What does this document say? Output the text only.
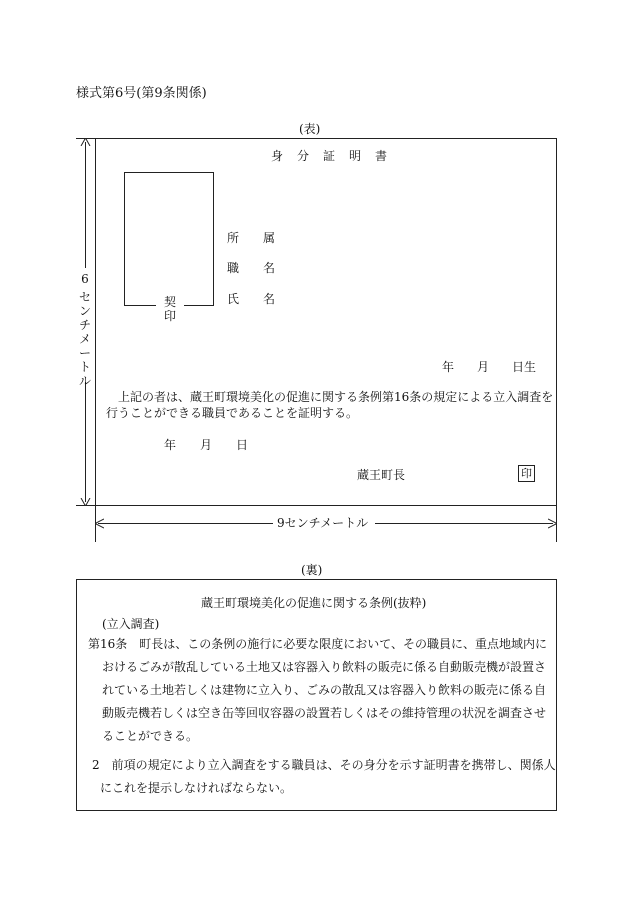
様式第6号(第9条関係)
(表)
6
セ
ン
チ
メ
ー
ト
ル
9センチメートル
身　分　証　明　書
契
印
所　　属
職　　名
氏　　名
年 月 日生
上記の者は、蔵王町環境美化の促進に関する条例第16条の規定による立入調査を
行うことができる職員であることを証明する。
年 月 日
蔵王町長	印
(裏)
蔵王町環境美化の促進に関する条例(抜粋)
(立入調査)
第16条　町長は、この条例の施行に必要な限度において、その職員に、重点地域内に
おけるごみが散乱している土地又は容器入り飲料の販売に係る自動販売機が設置さ
れている土地若しくは建物に立入り、ごみの散乱又は容器入り飲料の販売に係る自
動販売機若しくは空き缶等回収容器の設置若しくはその維持管理の状況を調査させ
ることができる。
2　前項の規定により立入調査をする職員は、その身分を示す証明書を携帯し、関係人
にこれを提示しなければならない。
